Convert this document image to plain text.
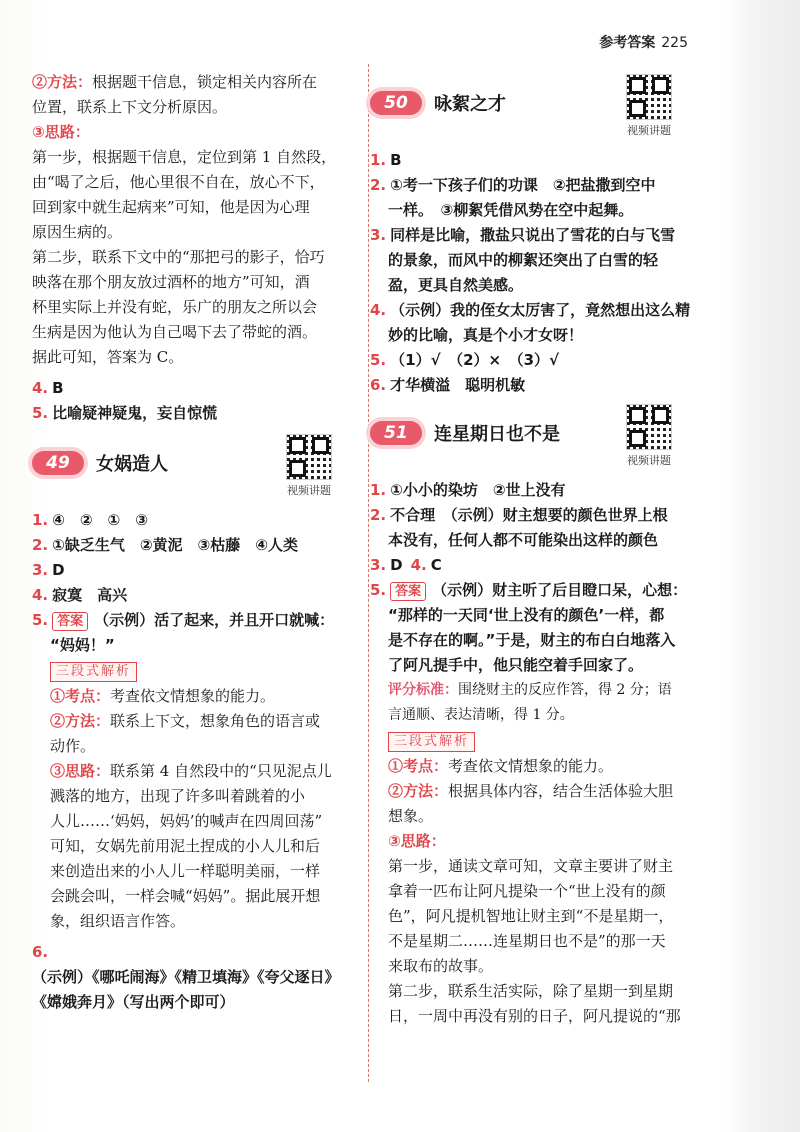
参考答案 225

②方法：根据题干信息，锁定相关内容所在

位置，联系上下文分析原因。

③思路：

第一步，根据题干信息，定位到第 1 自然段，

由“喝了之后，他心里很不自在，放心不下，

回到家中就生起病来”可知，他是因为心理

原因生病的。

第二步，联系下文中的“那把弓的影子，恰巧

映落在那个朋友放过酒杯的地方”可知，酒

杯里实际上并没有蛇，乐广的朋友之所以会

生病是因为他认为自己喝下去了带蛇的酒。

据此可知，答案为 C。

4. B

5. 比喻疑神疑鬼，妄自惊慌

49	女娲造人
视频讲题

1. ④　②　①　③

2. ①缺乏生气　②黄泥　③枯藤　④人类

3. D

4. 寂寞　高兴

5. 答案 （示例）活了起来，并且开口就喊：

“妈妈！”

三段式解析

①考点：考查依文情想象的能力。

②方法：联系上下文，想象角色的语言或

动作。

③思路：联系第 4 自然段中的“只见泥点儿

溅落的地方，出现了许多叫着跳着的小

人儿……‘妈妈，妈妈’的喊声在四周回荡”

可知，女娲先前用泥土捏成的小人儿和后

来创造出来的小人儿一样聪明美丽，一样

会跳会叫，一样会喊“妈妈”。据此展开想

象，组织语言作答。

6.（示例）《哪吒闹海》《精卫填海》《夸父逐日》

《嫦娥奔月》（写出两个即可）

50	咏絮之才
视频讲题

1. B

2. ①考一下孩子们的功课　②把盐撒到空中

一样。　③柳絮凭借风势在空中起舞。

3. 同样是比喻，撒盐只说出了雪花的白与飞雪

的景象，而风中的柳絮还突出了白雪的轻

盈，更具自然美感。

4. （示例）我的侄女太厉害了，竟然想出这么精

妙的比喻，真是个小才女呀！

5. （1）√　（2）×　（3）√

6. 才华横溢　聪明机敏

51	连星期日也不是
视频讲题

1. ①小小的染坊　②世上没有

2. 不合理　（示例）财主想要的颜色世界上根

本没有，任何人都不可能染出这样的颜色

3. D 4. C

5. 答案 （示例）财主听了后目瞪口呆，心想：

“那样的一天同‘世上没有的颜色’一样，都

是不存在的啊。”于是，财主的布白白地落入

了阿凡提手中，他只能空着手回家了。

评分标准：围绕财主的反应作答，得 2 分；语

言通顺、表达清晰，得 1 分。

三段式解析

①考点：考查依文情想象的能力。

②方法：根据具体内容，结合生活体验大胆

想象。

③思路：

第一步，通读文章可知，文章主要讲了财主

拿着一匹布让阿凡提染一个“世上没有的颜

色”，阿凡提机智地让财主到“不是星期一，

不是星期二……连星期日也不是”的那一天

来取布的故事。

第二步，联系生活实际，除了星期一到星期

日，一周中再没有别的日子，阿凡提说的“那
